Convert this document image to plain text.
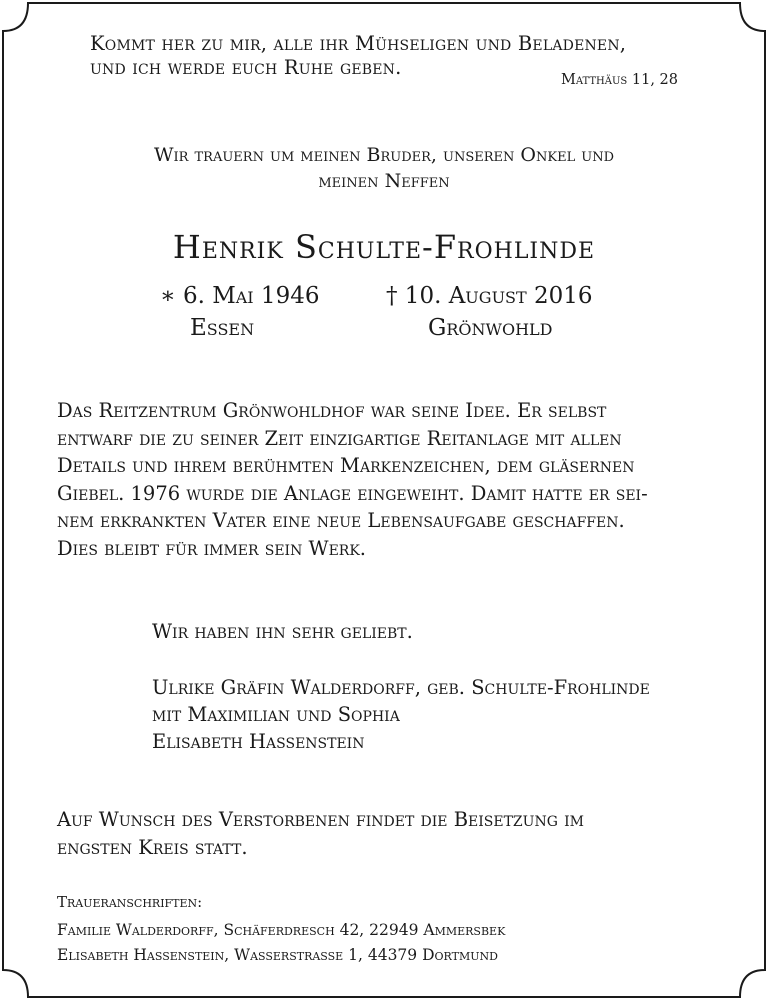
Kommt her zu mir, alle ihr Mühseligen und Beladenen,
und ich werde euch Ruhe geben.
Matthäus 11, 28
Wir trauern um meinen Bruder, unseren Onkel und
meinen Neffen
Henrik Schulte-Frohlinde
∗ 6. Mai 1946
Essen
† 10. August 2016
Grönwohld
Das Reitzentrum Grönwohldhof war seine Idee. Er selbst
entwarf die zu seiner Zeit einzigartige Reitanlage mit allen
Details und ihrem berühmten Markenzeichen, dem gläsernen
Giebel. 1976 wurde die Anlage eingeweiht. Damit hatte er sei-
nem erkrankten Vater eine neue Lebensaufgabe geschaffen.
Dies bleibt für immer sein Werk.
Wir haben ihn sehr geliebt.
Ulrike Gräfin Walderdorff, geb. Schulte-Frohlinde
mit Maximilian und Sophia
Elisabeth Hassenstein
Auf Wunsch des Verstorbenen findet die Beisetzung im
engsten Kreis statt.
Traueranschriften:
Familie Walderdorff, Schäferdresch 42, 22949 Ammersbek
Elisabeth Hassenstein, Wasserstrasse 1, 44379 Dortmund
